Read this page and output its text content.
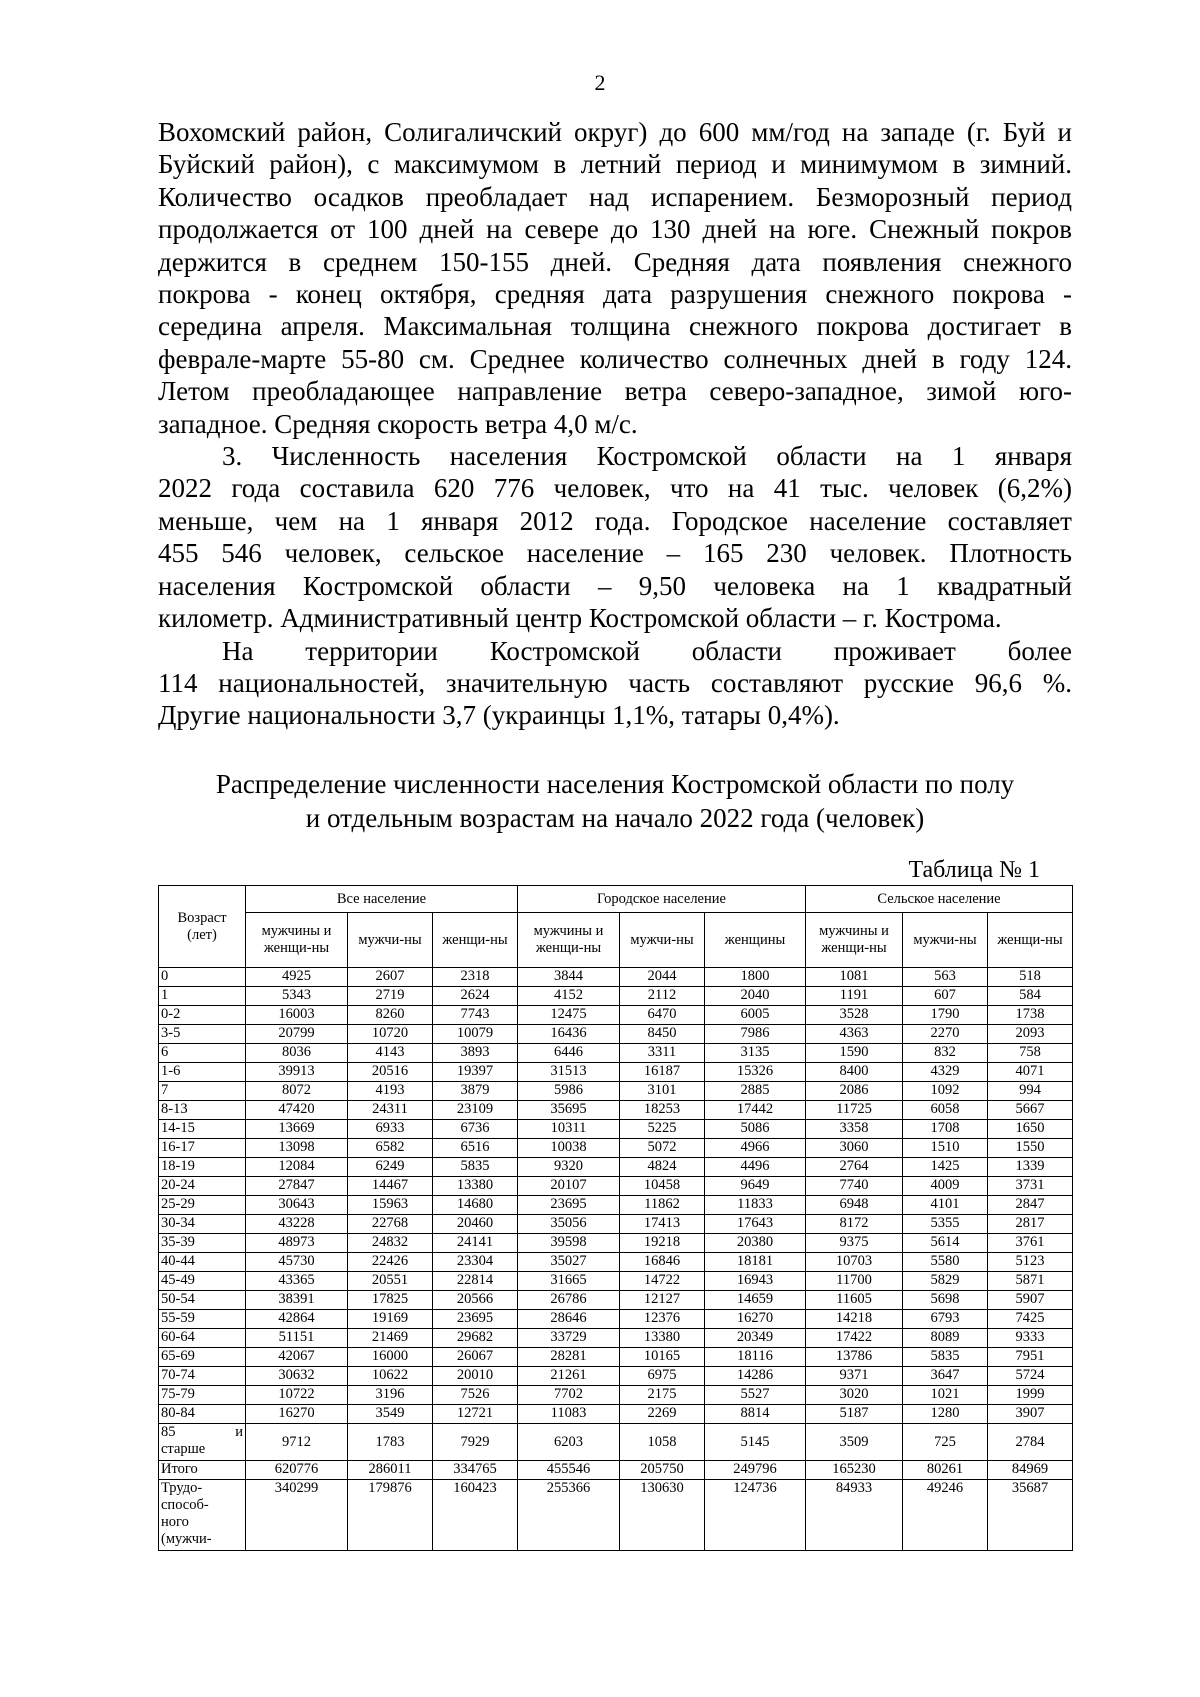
2

Вохомский район, Солигаличский округ) до 600 мм/год на западе (г. Буй и

Буйский район), с максимумом в летний период и минимумом в зимний.

Количество осадков преобладает над испарением. Безморозный период

продолжается от 100 дней на севере до 130 дней на юге. Снежный покров

держится в среднем 150-155 дней. Средняя дата появления снежного

покрова - конец октября, средняя дата разрушения снежного покрова -

середина апреля. Максимальная толщина снежного покрова достигает в

феврале-марте 55-80 см. Среднее количество солнечных дней в году 124.

Летом преобладающее направление ветра северо-западное, зимой юго-

западное. Средняя скорость ветра 4,0 м/с.

3. Численность населения Костромской области на 1 января

2022 года составила 620 776 человек, что на 41 тыс. человек (6,2%)

меньше, чем на 1 января 2012 года. Городское население составляет

455 546 человек, сельское население – 165 230 человек. Плотность

населения Костромской области – 9,50 человека на 1 квадратный

километр. Административный центр Костромской области – г. Кострома.

На территории Костромской области проживает более

114 национальностей, значительную часть составляют русские 96,6 %.

Другие национальности 3,7 (украинцы 1,1%, татары 0,4%).

Распределение численности населения Костромской области по полу
и отдельным возрастам на начало 2022 года (человек)
Таблица № 1
Возраст (лет)	Все население			Городское население			Сельское население		
	мужчины и женщи-ны	мужчи-ны	женщи-ны	мужчины и женщи-ны	мужчи-ны	женщины	мужчины и женщи-ны	мужчи-ны	женщи-ны
0	4925	2607	2318	3844	2044	1800	1081	563	518
1	5343	2719	2624	4152	2112	2040	1191	607	584
0-2	16003	8260	7743	12475	6470	6005	3528	1790	1738
3-5	20799	10720	10079	16436	8450	7986	4363	2270	2093
6	8036	4143	3893	6446	3311	3135	1590	832	758
1-6	39913	20516	19397	31513	16187	15326	8400	4329	4071
7	8072	4193	3879	5986	3101	2885	2086	1092	994
8-13	47420	24311	23109	35695	18253	17442	11725	6058	5667
14-15	13669	6933	6736	10311	5225	5086	3358	1708	1650
16-17	13098	6582	6516	10038	5072	4966	3060	1510	1550
18-19	12084	6249	5835	9320	4824	4496	2764	1425	1339
20-24	27847	14467	13380	20107	10458	9649	7740	4009	3731
25-29	30643	15963	14680	23695	11862	11833	6948	4101	2847
30-34	43228	22768	20460	35056	17413	17643	8172	5355	2817
35-39	48973	24832	24141	39598	19218	20380	9375	5614	3761
40-44	45730	22426	23304	35027	16846	18181	10703	5580	5123
45-49	43365	20551	22814	31665	14722	16943	11700	5829	5871
50-54	38391	17825	20566	26786	12127	14659	11605	5698	5907
55-59	42864	19169	23695	28646	12376	16270	14218	6793	7425
60-64	51151	21469	29682	33729	13380	20349	17422	8089	9333
65-69	42067	16000	26067	28281	10165	18116	13786	5835	7951
70-74	30632	10622	20010	21261	6975	14286	9371	3647	5724
75-79	10722	3196	7526	7702	2175	5527	3020	1021	1999
80-84	16270	3549	12721	11083	2269	8814	5187	1280	3907

85 и
старше	9712	1783	7929	6203	1058	5145	3509	725	2784
Итого	620776	286011	334765	455546	205750	249796	165230	80261	84969

Трудо-
способ-
ного
(мужчи-	340299	179876	160423	255366	130630	124736	84933	49246	35687
